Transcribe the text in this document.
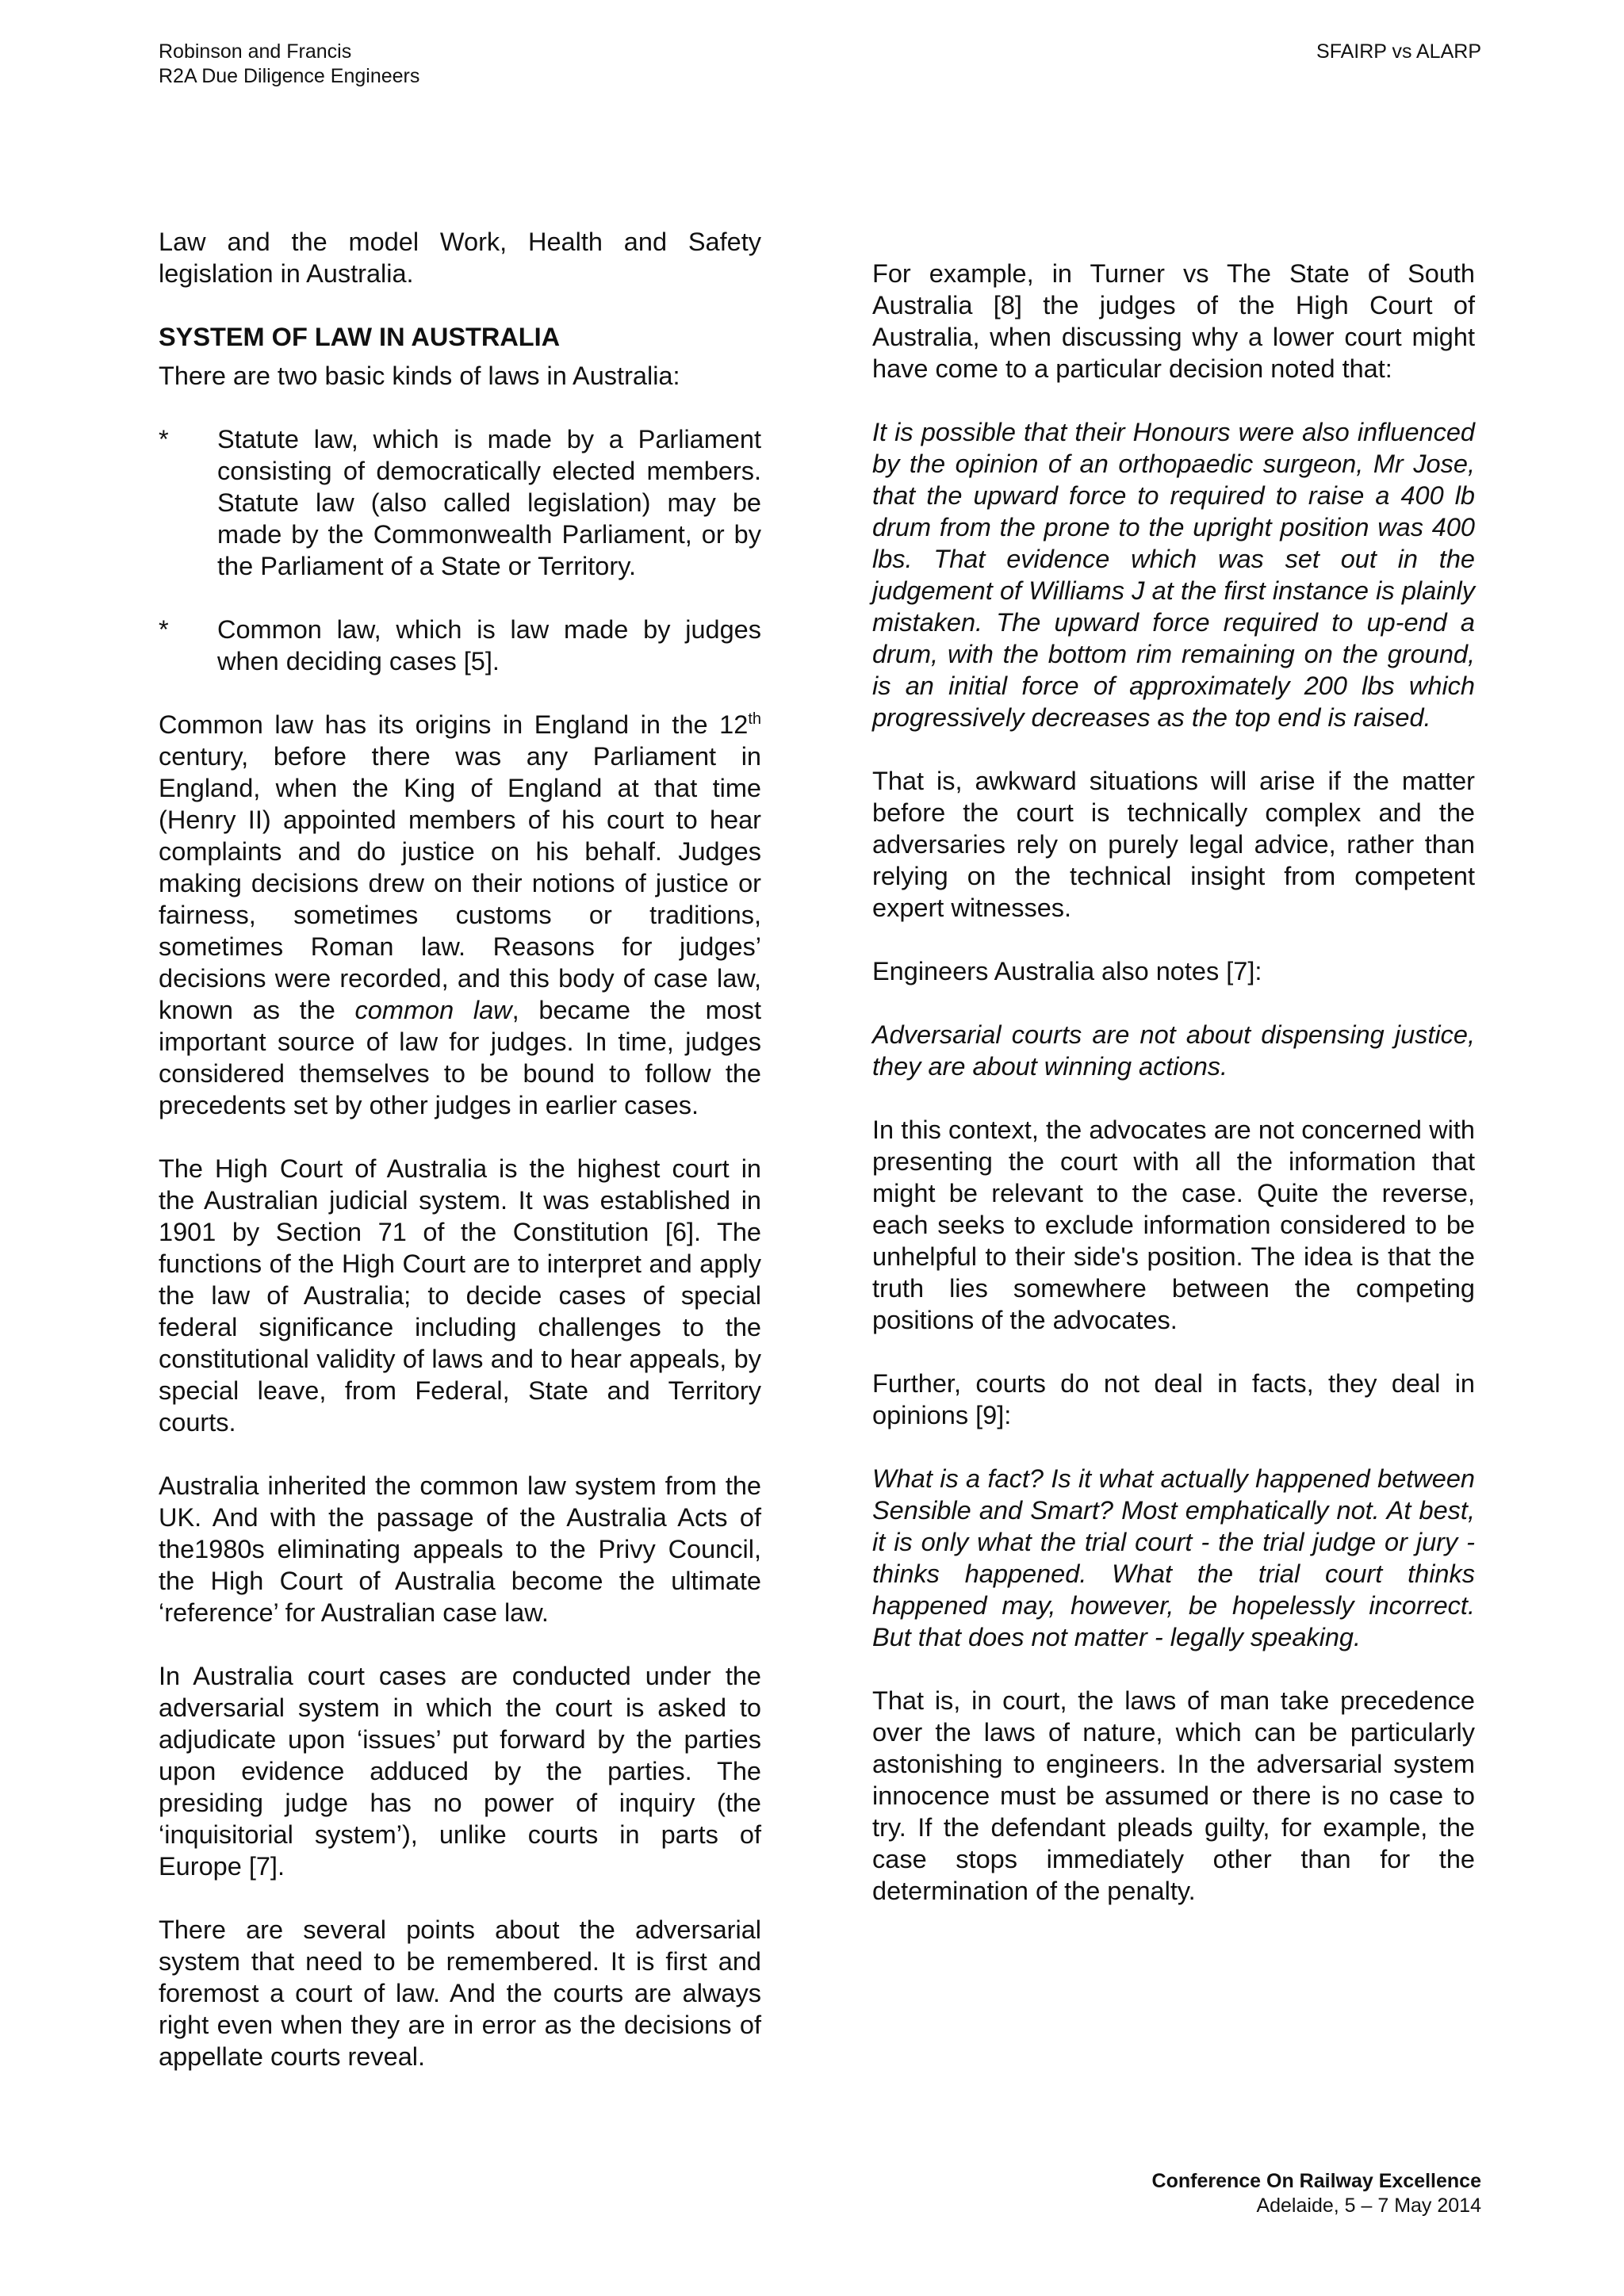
Robinson and Francis
R2A Due Diligence Engineers
SFAIRP vs ALARP

Law and the model Work, Health and Safety legislation in Australia.

SYSTEM OF LAW IN AUSTRALIA

There are two basic kinds of laws in Australia:

* Statute law, which is made by a Parliament consisting of democratically elected members. Statute law (also called legislation) may be made by the Commonwealth Parliament, or by the Parliament of a State or Territory.
* Common law, which is law made by judges when deciding cases [5].

Common law has its origins in England in the 12th century, before there was any Parliament in England, when the King of England at that time (Henry II) appointed members of his court to hear complaints and do justice on his behalf. Judges making decisions drew on their notions of justice or fairness, sometimes customs or traditions, sometimes Roman law. Reasons for judges’ decisions were recorded, and this body of case law, known as the common law, became the most important source of law for judges. In time, judges considered themselves to be bound to follow the precedents set by other judges in earlier cases.

The High Court of Australia is the highest court in the Australian judicial system. It was established in 1901 by Section 71 of the Constitution [6]. The functions of the High Court are to interpret and apply the law of Australia; to decide cases of special federal significance including challenges to the constitutional validity of laws and to hear appeals, by special leave, from Federal, State and Territory courts.

Australia inherited the common law system from the UK. And with the passage of the Australia Acts of the1980s eliminating appeals to the Privy Council, the High Court of Australia become the ultimate ‘reference’ for Australian case law.

In Australia court cases are conducted under the adversarial system in which the court is asked to adjudicate upon ‘issues’ put forward by the parties upon evidence adduced by the parties. The presiding judge has no power of inquiry (the ‘inquisitorial system’), unlike courts in parts of Europe [7].

There are several points about the adversarial system that need to be remembered. It is first and foremost a court of law. And the courts are always right even when they are in error as the decisions of appellate courts reveal.

For example, in Turner vs The State of South Australia [8] the judges of the High Court of Australia, when discussing why a lower court might have come to a particular decision noted that:

It is possible that their Honours were also influenced by the opinion of an orthopaedic surgeon, Mr Jose, that the upward force to required to raise a 400 lb drum from the prone to the upright position was 400 lbs. That evidence which was set out in the judgement of Williams J at the first instance is plainly mistaken. The upward force required to up-end a drum, with the bottom rim remaining on the ground, is an initial force of approximately 200 lbs which progressively decreases as the top end is raised.

That is, awkward situations will arise if the matter before the court is technically complex and the adversaries rely on purely legal advice, rather than relying on the technical insight from competent expert witnesses.

Engineers Australia also notes [7]:

Adversarial courts are not about dispensing justice, they are about winning actions.

In this context, the advocates are not concerned with presenting the court with all the information that might be relevant to the case. Quite the reverse, each seeks to exclude information considered to be unhelpful to their side's position. The idea is that the truth lies somewhere between the competing positions of the advocates.

Further, courts do not deal in facts, they deal in opinions [9]:

What is a fact? Is it what actually happened between Sensible and Smart? Most emphatically not. At best, it is only what the trial court - the trial judge or jury - thinks happened. What the trial court thinks happened may, however, be hopelessly incorrect. But that does not matter - legally speaking.

That is, in court, the laws of man take precedence over the laws of nature, which can be particularly astonishing to engineers. In the adversarial system innocence must be assumed or there is no case to try. If the defendant pleads guilty, for example, the case stops immediately other than for the determination of the penalty.

Conference On Railway Excellence
Adelaide, 5 – 7 May 2014
